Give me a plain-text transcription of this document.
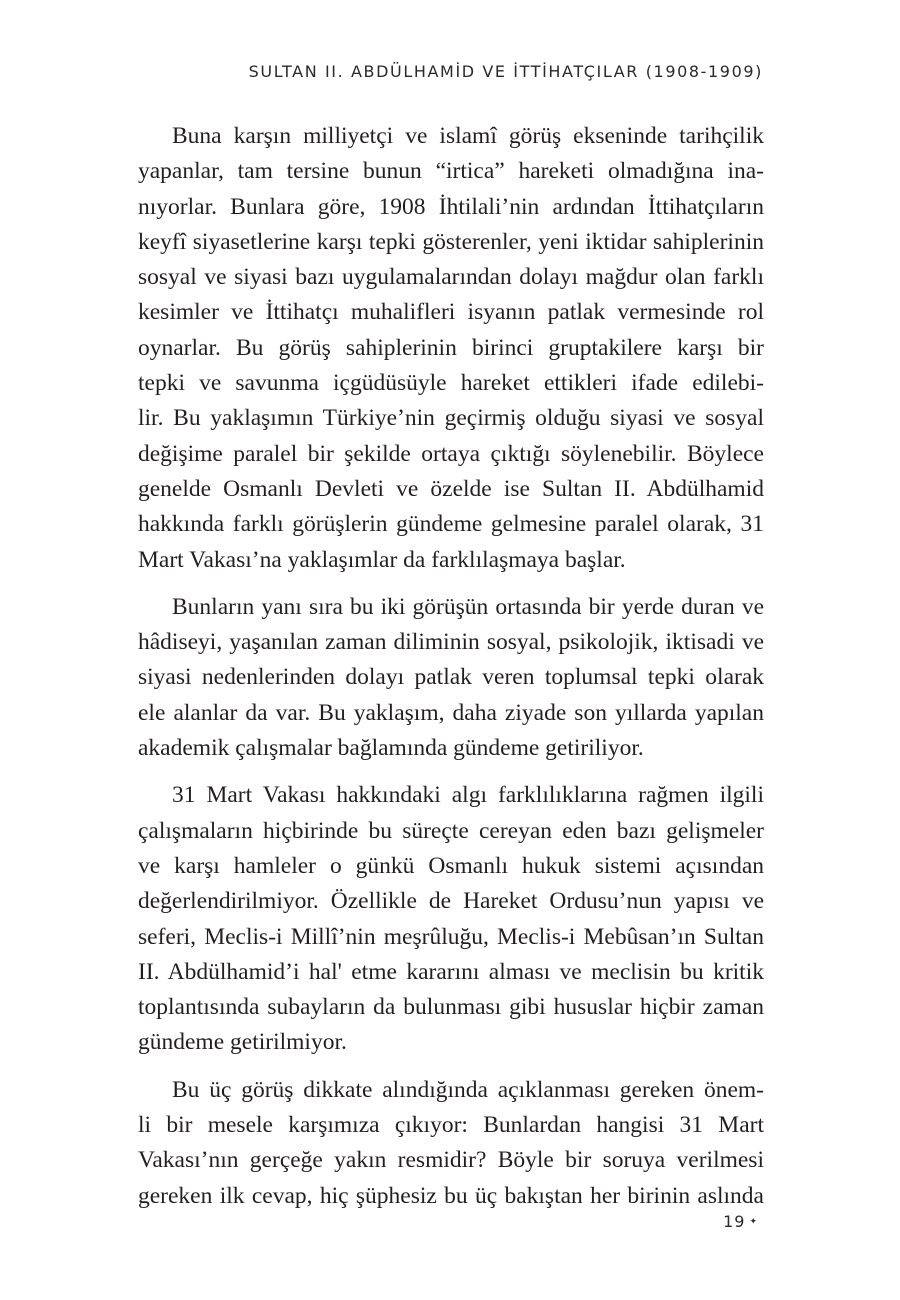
SULTAN II. ABDÜLHAMİD VE İTTİHATÇILAR (1908-1909)

Buna karşın milliyetçi ve islamî görüş ekseninde tarihçilik
yapanlar, tam tersine bunun “irtica” hareketi olmadığına ina-
nıyorlar. Bunlara göre, 1908 İhtilali’nin ardından İttihatçıların
keyfî siyasetlerine karşı tepki gösterenler, yeni iktidar sahiplerinin
sosyal ve siyasi bazı uygulamalarından dolayı mağdur olan farklı
kesimler ve İttihatçı muhalifleri isyanın patlak vermesinde rol
oynarlar. Bu görüş sahiplerinin birinci gruptakilere karşı bir
tepki ve savunma içgüdüsüyle hareket ettikleri ifade edilebi-
lir. Bu yaklaşımın Türkiye’nin geçirmiş olduğu siyasi ve sosyal
değişime paralel bir şekilde ortaya çıktığı söylenebilir. Böylece
genelde Osmanlı Devleti ve özelde ise Sultan II. Abdülhamid
hakkında farklı görüşlerin gündeme gelmesine paralel olarak, 31
Mart Vakası’na yaklaşımlar da farklılaşmaya başlar.

Bunların yanı sıra bu iki görüşün ortasında bir yerde duran ve
hâdiseyi, yaşanılan zaman diliminin sosyal, psikolojik, iktisadi ve
siyasi nedenlerinden dolayı patlak veren toplumsal tepki olarak
ele alanlar da var. Bu yaklaşım, daha ziyade son yıllarda yapılan
akademik çalışmalar bağlamında gündeme getiriliyor.

31 Mart Vakası hakkındaki algı farklılıklarına rağmen ilgili
çalışmaların hiçbirinde bu süreçte cereyan eden bazı gelişmeler
ve karşı hamleler o günkü Osmanlı hukuk sistemi açısından
değerlendirilmiyor. Özellikle de Hareket Ordusu’nun yapısı ve
seferi, Meclis-i Millî’nin meşrûluğu, Meclis-i Mebûsan’ın Sultan
II. Abdülhamid’i hal' etme kararını alması ve meclisin bu kritik
toplantısında subayların da bulunması gibi hususlar hiçbir zaman
gündeme getirilmiyor.

Bu üç görüş dikkate alındığında açıklanması gereken önem-
li bir mesele karşımıza çıkıyor: Bunlardan hangisi 31 Mart
Vakası’nın gerçeğe yakın resmidir? Böyle bir soruya verilmesi
gereken ilk cevap, hiç şüphesiz bu üç bakıştan her birinin aslında

19 ✦
